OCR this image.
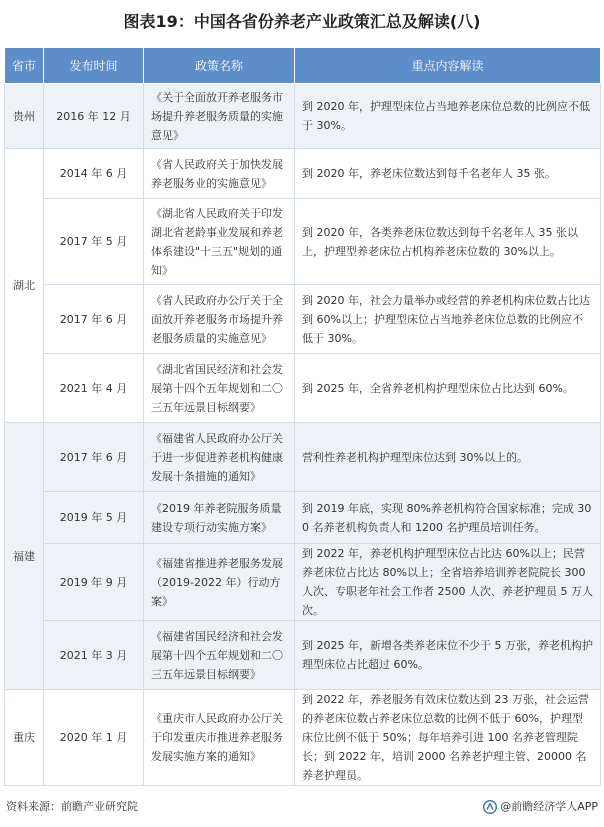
图表19：中国各省份养老产业政策汇总及解读(八)
省市	发布时间	政策名称	重点内容解读
贵州	2016 年 12 月	《关于全面放开养老服务市场提升养老服务质量的实施意见》	到 2020 年，护理型床位占当地养老床位总数的比例应不低于 30%。
湖北	2014 年 6 月	《省人民政府关于加快发展养老服务业的实施意见》	到 2020 年，养老床位数达到每千名老年人 35 张。
	2017 年 5 月	《湖北省人民政府关于印发湖北省老龄事业发展和养老体系建设"十三五"规划的通知》	到 2020 年，各类养老床位数达到每千名老年人 35 张以上，护理型养老床位占机构养老床位数的 30%以上。
	2017 年 6 月	《省人民政府办公厅关于全面放开养老服务市场提升养老服务质量的实施意见》	到 2020 年，社会力量举办或经营的养老机构床位数占比达到 60%以上；护理型床位占当地养老床位总数的比例应不低于 30%。
	2021 年 4 月	《湖北省国民经济和社会发展第十四个五年规划和二〇三五年远景目标纲要》	到 2025 年，全省养老机构护理型床位占比达到 60%。
福建	2017 年 6 月	《福建省人民政府办公厅关于进一步促进养老机构健康发展十条措施的通知》	营利性养老机构护理型床位达到 30%以上的。
	2019 年 5 月	《2019 年养老院服务质量建设专项行动实施方案》	到 2019 年底，实现 80%养老机构符合国家标准；完成 300 名养老机构负责人和 1200 名护理员培训任务。
	2019 年 9 月	《福建省推进养老服务发展（2019-2022 年）行动方案》	到 2022 年，养老机构护理型床位占比达 60%以上；民营养老床位占比达 80%以上；全省培养培训养老院院长 300 人次、专职老年社会工作者 2500 人次、养老护理员 5 万人次。
	2021 年 3 月	《福建省国民经济和社会发展第十四个五年规划和二〇三五年远景目标纲要》	到 2025 年，新增各类养老床位不少于 5 万张，养老机构护理型床位占比超过 60%。
重庆	2020 年 1 月	《重庆市人民政府办公厅关于印发重庆市推进养老服务发展实施方案的通知》	到 2022 年，养老服务有效床位数达到 23 万张，社会运营的养老床位数占养老床位总数的比例不低于 60%，护理型床位比例不低于 50%；每年培养引进 100 名养老管理院长；到 2022 年，培训 2000 名养老护理主管、20000 名养老护理员。
资料来源：前瞻产业研究院	@前瞻经济学人APP
